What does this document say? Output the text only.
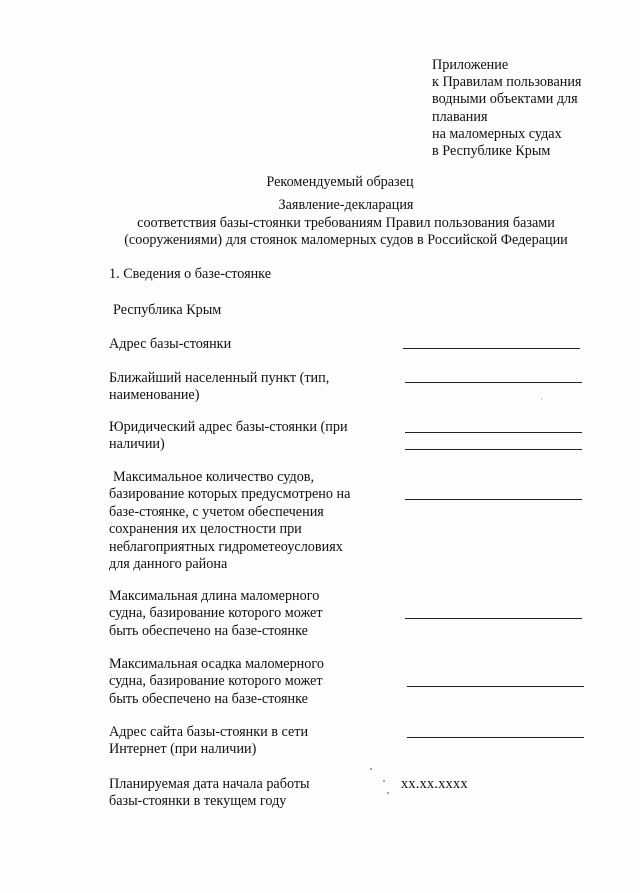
Приложение
к Правилам пользования
водными объектами для
плавания
на маломерных судах
в Республике Крым
Рекомендуемый образец
Заявление-декларация
соответствия базы-стоянки требованиям Правил пользования базами
(сооружениями) для стоянок маломерных судов в Российской Федерации
1. Сведения о базе-стоянке
Республика Крым
Адрес базы-стоянки
Ближайший населенный пункт (тип,
наименование)
Юридический адрес базы-стоянки (при
наличии)
Максимальное количество судов,
базирование которых предусмотрено на
базе-стоянке, с учетом обеспечения
сохранения их целостности при
неблагоприятных гидрометеоусловиях
для данного района
Максимальная длина маломерного
судна, базирование которого может
быть обеспечено на базе-стоянке
Максимальная осадка маломерного
судна, базирование которого может
быть обеспечено на базе-стоянке
Адрес сайта базы-стоянки в сети
Интернет (при наличии)
Планируемая дата начала работы
базы-стоянки в текущем году
xx.xx.xxxx
